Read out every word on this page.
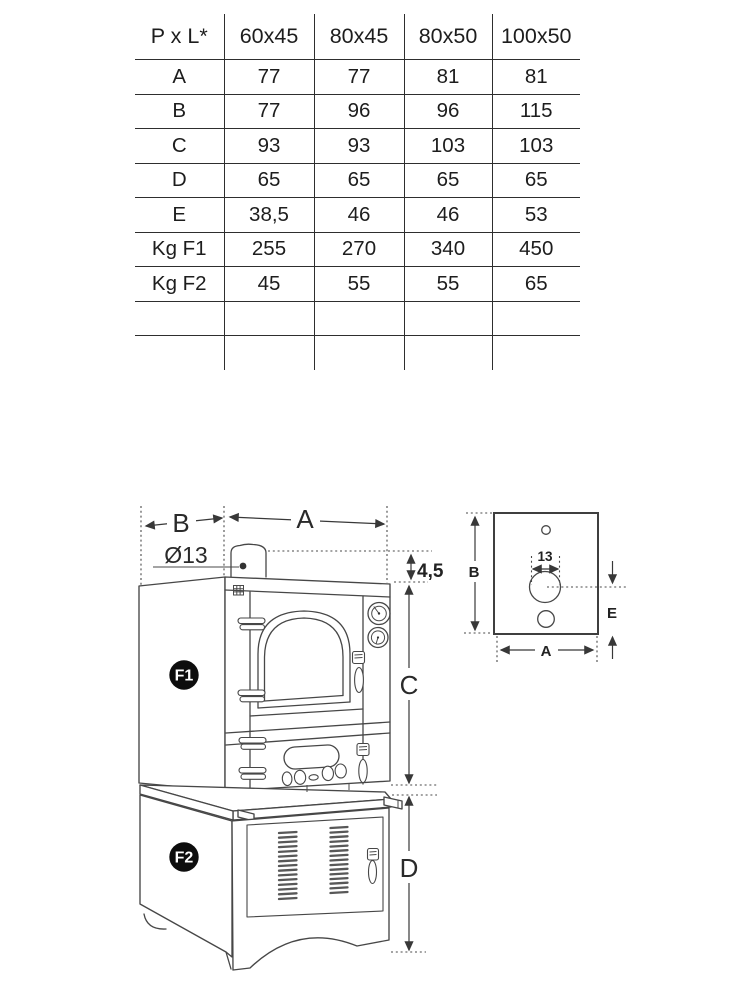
P x L*	60x45	80x45	80x50	100x50
A	77	77	81	81
B	77	96	96	115
C	93	93	103	103
D	65	65	65	65
E	38,5	46	46	53
Kg F1	255	270	340	450
Kg F2	45	55	55	65

B	A
Ø13
4,5
C
D
F1
F2
13
B
A
E
